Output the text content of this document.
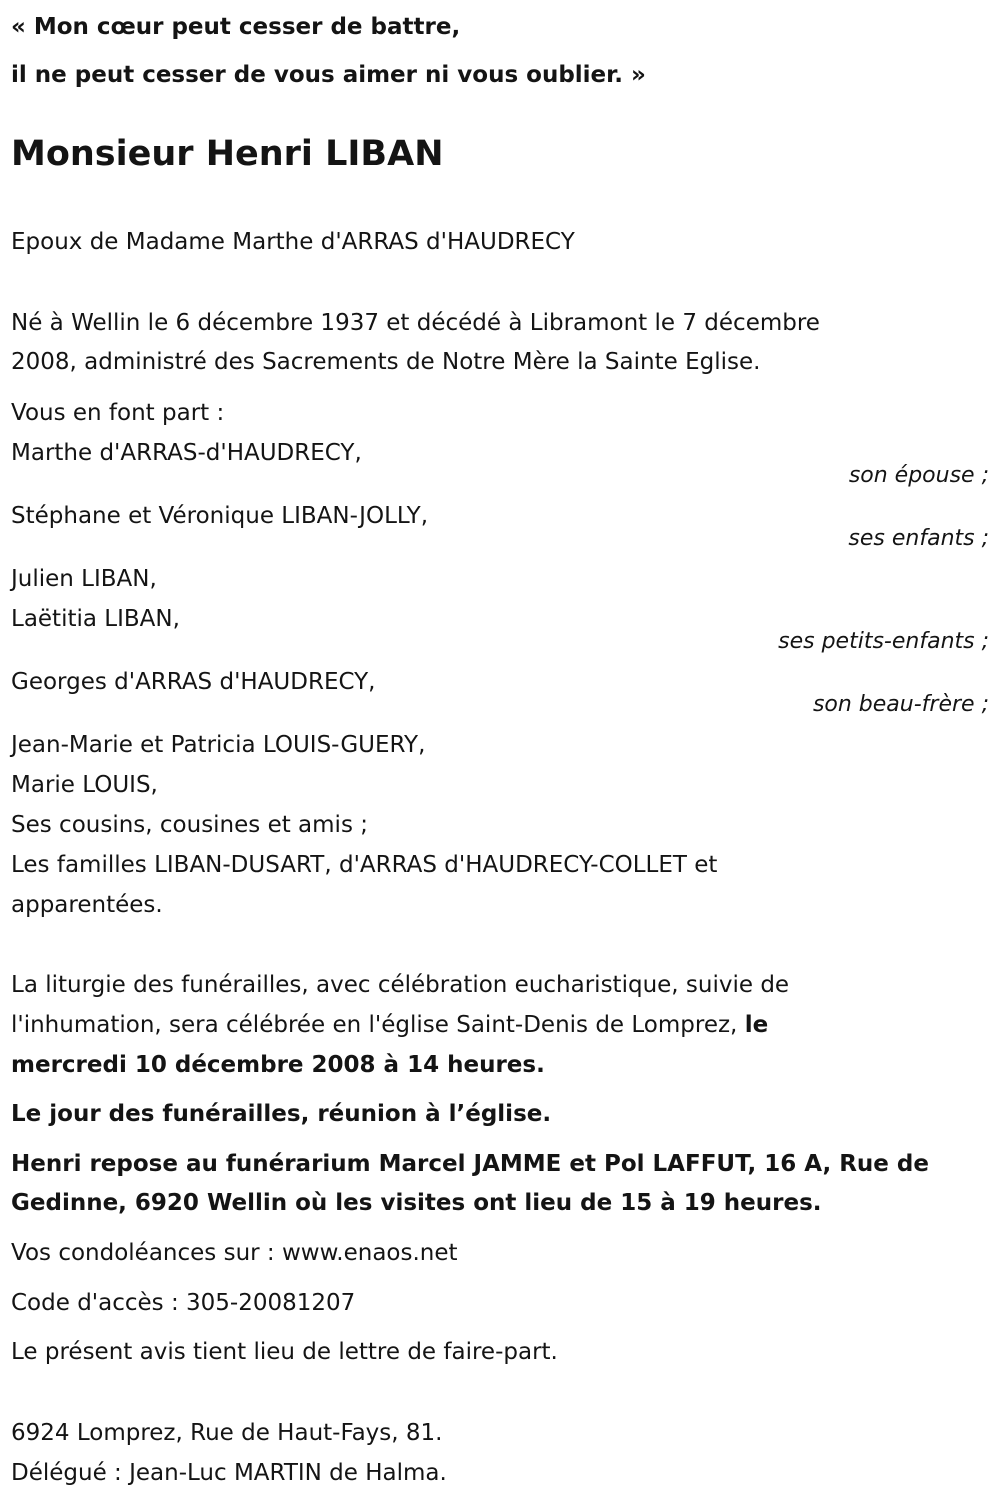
« Mon cœur peut cesser de battre,

il ne peut cesser de vous aimer ni vous oublier. »

Monsieur Henri LIBAN

Epoux de Madame Marthe d'ARRAS d'HAUDRECY

Né à Wellin le 6 décembre 1937 et décédé à Libramont le 7 décembre

2008, administré des Sacrements de Notre Mère la Sainte Eglise.

Vous en font part :

Marthe d'ARRAS-d'HAUDRECY,

son épouse ;

Stéphane et Véronique LIBAN-JOLLY,

ses enfants ;

Julien LIBAN,

Laëtitia LIBAN,

ses petits-enfants ;

Georges d'ARRAS d'HAUDRECY,

son beau-frère ;

Jean-Marie et Patricia LOUIS-GUERY,

Marie LOUIS,

Ses cousins, cousines et amis ;

Les familles LIBAN-DUSART, d'ARRAS d'HAUDRECY-COLLET et

apparentées.

La liturgie des funérailles, avec célébration eucharistique, suivie de

l'inhumation, sera célébrée en l'église Saint-Denis de Lomprez, le

mercredi 10 décembre 2008 à 14 heures.

Le jour des funérailles, réunion à l’église.

Henri repose au funérarium Marcel JAMME et Pol LAFFUT, 16 A, Rue de

Gedinne, 6920 Wellin où les visites ont lieu de 15 à 19 heures.

Vos condoléances sur : www.enaos.net

Code d'accès : 305-20081207

Le présent avis tient lieu de lettre de faire-part.

6924 Lomprez, Rue de Haut-Fays, 81.

Délégué : Jean-Luc MARTIN de Halma.
